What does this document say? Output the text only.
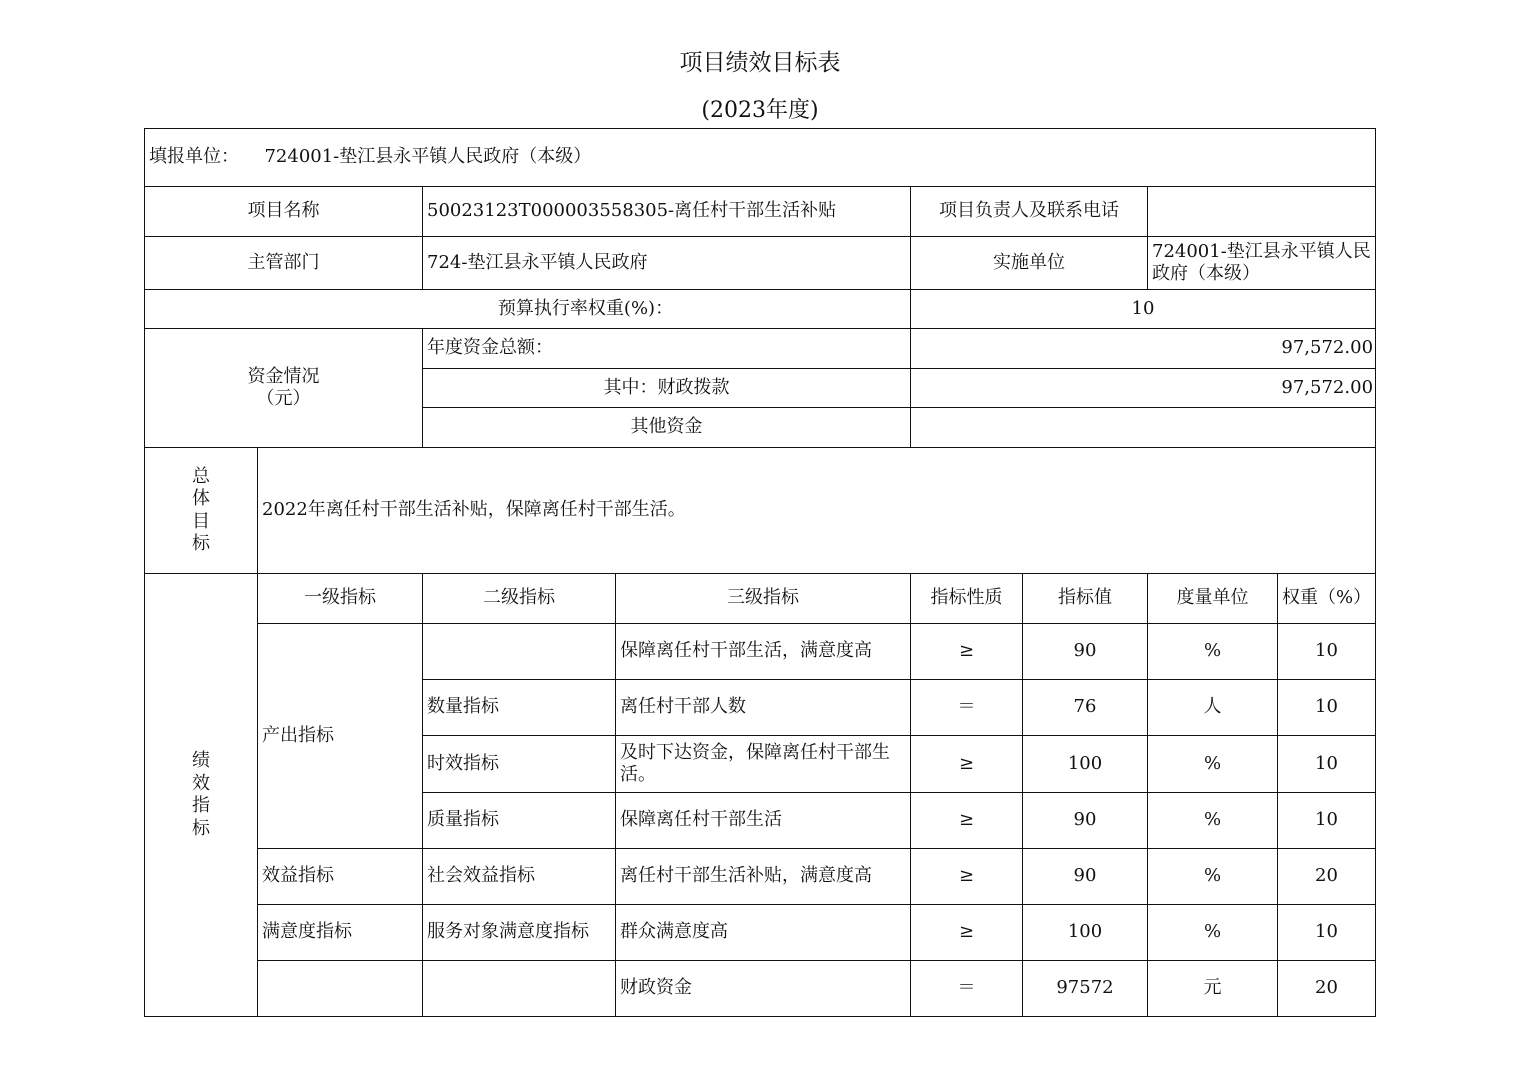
项目绩效目标表
(2023年度)
填报单位： 724001-垫江县永平镇人民政府（本级）							
项目名称		50023123T000003558305-离任村干部生活补贴		项目负责人及联系电话			
主管部门		724-垫江县永平镇人民政府		实施单位		724001-垫江县永平镇人民政府（本级）	
预算执行率权重(%)：				10			

资金情况
（元）		年度资金总额：		97,572.00			
		其中：财政拨款		97,572.00			
		其他资金					

总
体
目
标	2022年离任村干部生活补贴，保障离任村干部生活。						

绩
效
指
标	一级指标	二级指标	三级指标	指标性质	指标值	度量单位	权重（%）
	产出指标		保障离任村干部生活，满意度高	≥	90	%	10
		数量指标	离任村干部人数	＝	76	人	10
		时效指标	及时下达资金，保障离任村干部生活。	≥	100	%	10
		质量指标	保障离任村干部生活	≥	90	%	10
	效益指标	社会效益指标	离任村干部生活补贴，满意度高	≥	90	%	20
	满意度指标	服务对象满意度指标	群众满意度高	≥	100	%	10
			财政资金	＝	97572	元	20
